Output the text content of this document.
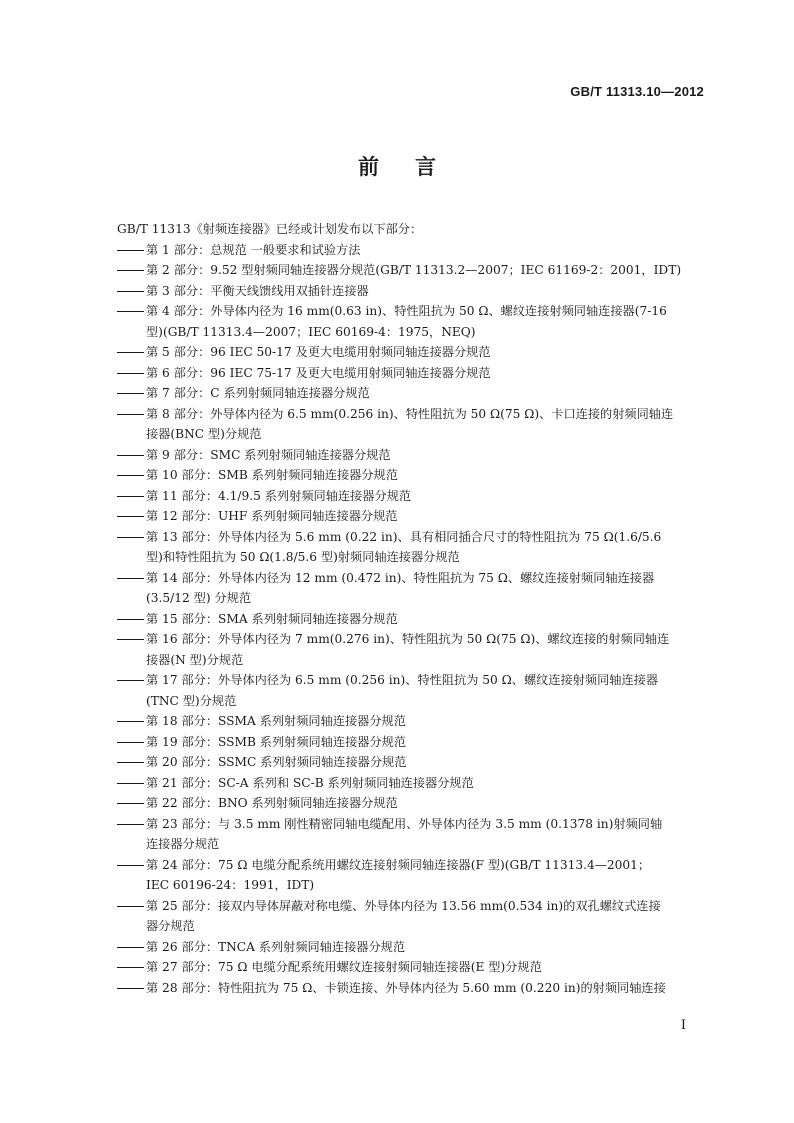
GB/T 11313.10—2012
前言
GB/T 11313《射频连接器》已经或计划发布以下部分：
第 1 部分：总规范 一般要求和试验方法
第 2 部分：9.52 型射频同轴连接器分规范(GB/T 11313.2—2007；IEC 61169-2：2001，IDT)
第 3 部分：平衡天线馈线用双插针连接器
第 4 部分：外导体内径为 16 mm(0.63 in)、特性阻抗为 50 Ω、螺纹连接射频同轴连接器(7-16
型)(GB/T 11313.4—2007；IEC 60169-4：1975，NEQ)
第 5 部分：96 IEC 50-17 及更大电缆用射频同轴连接器分规范
第 6 部分：96 IEC 75-17 及更大电缆用射频同轴连接器分规范
第 7 部分：C 系列射频同轴连接器分规范
第 8 部分：外导体内径为 6.5 mm(0.256 in)、特性阻抗为 50 Ω(75 Ω)、卡口连接的射频同轴连
接器(BNC 型)分规范
第 9 部分：SMC 系列射频同轴连接器分规范
第 10 部分：SMB 系列射频同轴连接器分规范
第 11 部分：4.1/9.5 系列射频同轴连接器分规范
第 12 部分：UHF 系列射频同轴连接器分规范
第 13 部分：外导体内径为 5.6 mm (0.22 in)、具有相同插合尺寸的特性阻抗为 75 Ω(1.6/5.6
型)和特性阻抗为 50 Ω(1.8/5.6 型)射频同轴连接器分规范
第 14 部分：外导体内径为 12 mm (0.472 in)、特性阻抗为 75 Ω、螺纹连接射频同轴连接器
(3.5/12 型) 分规范
第 15 部分：SMA 系列射频同轴连接器分规范
第 16 部分：外导体内径为 7 mm(0.276 in)、特性阻抗为 50 Ω(75 Ω)、螺纹连接的射频同轴连
接器(N 型)分规范
第 17 部分：外导体内径为 6.5 mm (0.256 in)、特性阻抗为 50 Ω、螺纹连接射频同轴连接器
(TNC 型)分规范
第 18 部分：SSMA 系列射频同轴连接器分规范
第 19 部分：SSMB 系列射频同轴连接器分规范
第 20 部分：SSMC 系列射频同轴连接器分规范
第 21 部分：SC-A 系列和 SC-B 系列射频同轴连接器分规范
第 22 部分：BNO 系列射频同轴连接器分规范
第 23 部分：与 3.5 mm 刚性精密同轴电缆配用、外导体内径为 3.5 mm (0.1378 in)射频同轴
连接器分规范
第 24 部分：75 Ω 电缆分配系统用螺纹连接射频同轴连接器(F 型)(GB/T 11313.4—2001；
IEC 60196-24：1991，IDT)
第 25 部分：接双内导体屏蔽对称电缆、外导体内径为 13.56 mm(0.534 in)的双孔螺纹式连接
器分规范
第 26 部分：TNCA 系列射频同轴连接器分规范
第 27 部分：75 Ω 电缆分配系统用螺纹连接射频同轴连接器(E 型)分规范
第 28 部分：特性阻抗为 75 Ω、卡锁连接、外导体内径为 5.60 mm (0.220 in)的射频同轴连接
I
